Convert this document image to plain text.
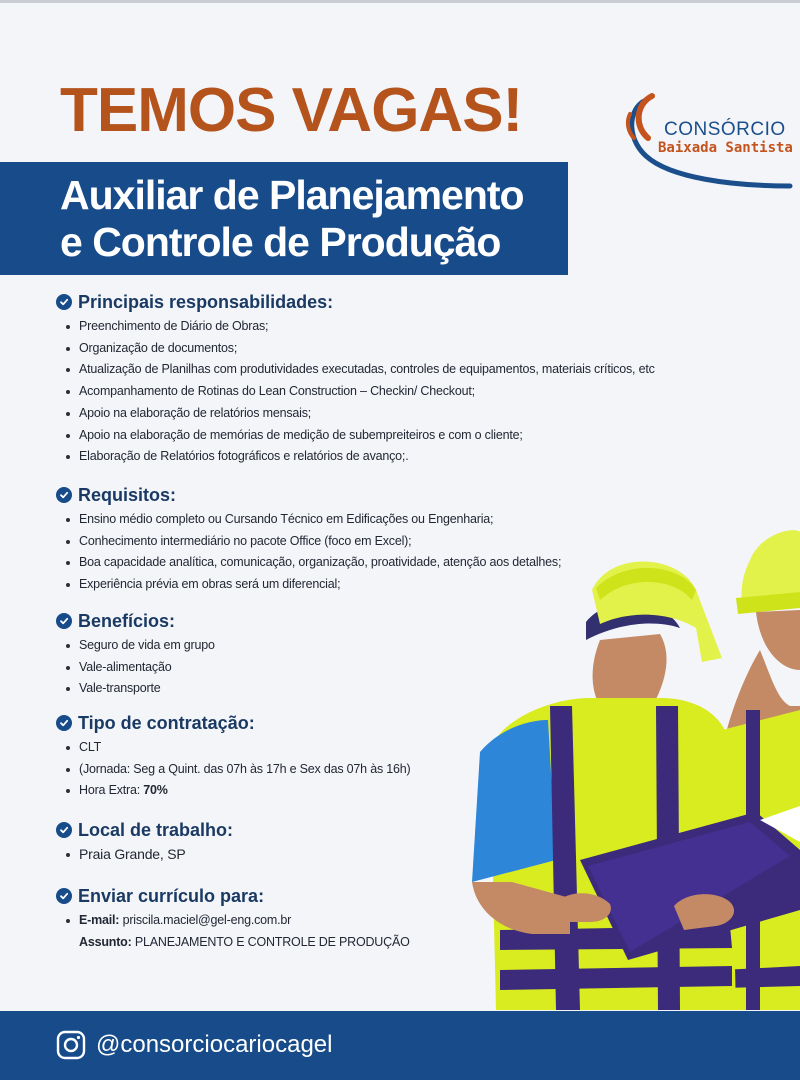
TEMOS VAGAS!
Auxiliar de Planejamento
e Controle de Produção
CONSÓRCIO
Baixada Santista
Principais responsabilidades:
Preenchimento de Diário de Obras;
Organização de documentos;
Atualização de Planilhas com produtividades executadas, controles de equipamentos, materiais críticos, etc
Acompanhamento de Rotinas do Lean Construction – Checkin/ Checkout;
Apoio na elaboração de relatórios mensais;
Apoio na elaboração de memórias de medição de subempreiteiros e com o cliente;
Elaboração de Relatórios fotográficos e relatórios de avanço;.
Requisitos:
Ensino médio completo ou Cursando Técnico em Edificações ou Engenharia;
Conhecimento intermediário no pacote Office (foco em Excel);
Boa capacidade analítica, comunicação, organização, proatividade, atenção aos detalhes;
Experiência prévia em obras será um diferencial;
Benefícios:
Seguro de vida em grupo
Vale-alimentação
Vale-transporte
Tipo de contratação:
CLT
(Jornada: Seg a Quint. das 07h às 17h e Sex das 07h às 16h)
Hora Extra: 70%
Local de trabalho:
Praia Grande, SP
Enviar currículo para:
E-mail: priscila.maciel@gel-eng.com.br
Assunto: PLANEJAMENTO E CONTROLE DE PRODUÇÃO
@consorciocariocagel
